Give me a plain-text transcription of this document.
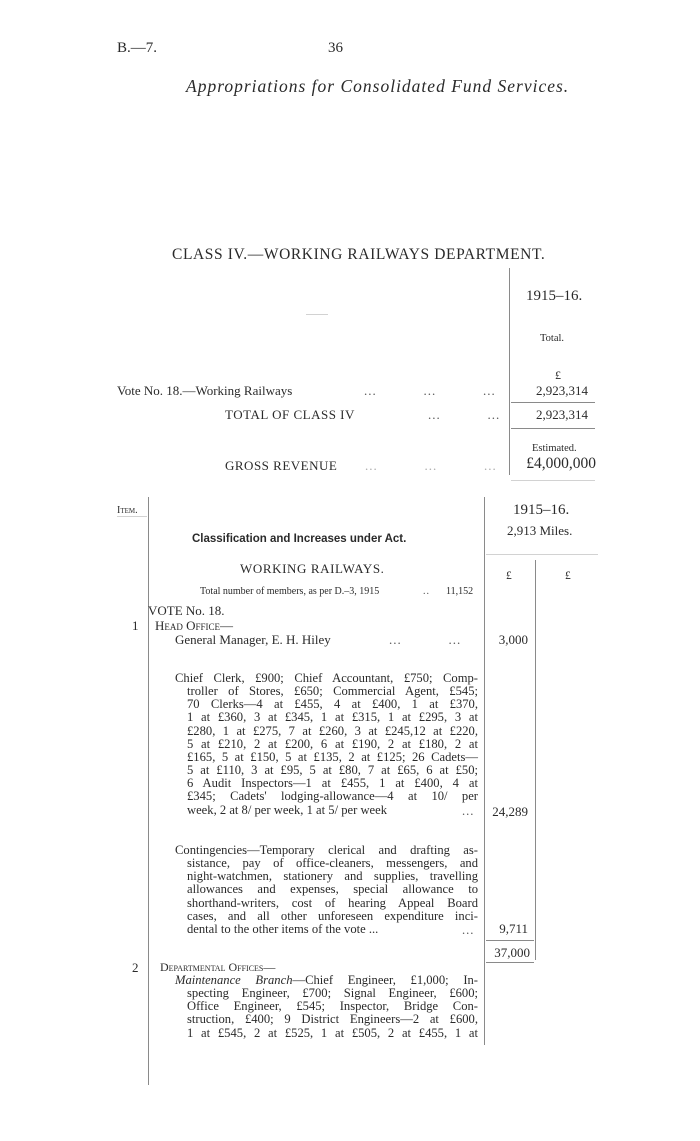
B.—7.	36
Appropriations for Consolidated Fund Services.
CLASS IV.—WORKING RAILWAYS DEPARTMENT.
1915–16.
Total.
£
Vote No. 18.—Working Railways	...           ...           ...	2,923,314
TOTAL OF CLASS IV	...           ...	2,923,314
Estimated.
GROSS REVENUE ...           ...           ...	£4,000,000
Item.	1915–16.
2,913 Miles.
Classification and Increases under Act.
WORKING RAILWAYS.	£	£
Total number of members, as per D.–3, 1915	.. 11,152
VOTE No. 18.
1 Head Office—
General Manager, E. H. Hiley	...           ...	3,000
Chief Clerk, £900; Chief Accountant, £750; Comp-
troller of Stores, £650; Commercial Agent, £545;
70 Clerks—4 at £455, 4 at £400, 1 at £370,
1 at £360, 3 at £345, 1 at £315, 1 at £295, 3 at
£280, 1 at £275, 7 at £260, 3 at £245,12 at £220,
5 at £210, 2 at £200, 6 at £190, 2 at £180, 2 at
£165, 5 at £150, 5 at £135, 2 at £125; 26 Cadets—
5 at £110, 3 at £95, 5 at £80, 7 at £65, 6 at £50;
6 Audit Inspectors—1 at £455, 1 at £400, 4 at
£345; Cadets' lodging-allowance—4 at 10/ per
week, 2 at 8/ per week, 1 at 5/ per week	...	24,289
Contingencies—Temporary clerical and drafting as-
sistance, pay of office-cleaners, messengers, and
night-watchmen, stationery and supplies, travelling
allowances and expenses, special allowance to
shorthand-writers, cost of hearing Appeal Board
cases, and all other unforeseen expenditure inci-
dental to the other items of the vote ...	...	9,711
37,000
2 Departmental Offices—
Maintenance Branch—Chief Engineer, £1,000; In-
specting Engineer, £700; Signal Engineer, £600;
Office Engineer, £545; Inspector, Bridge Con-
struction, £400; 9 District Engineers—2 at £600,
1 at £545, 2 at £525, 1 at £505, 2 at £455, 1 at
